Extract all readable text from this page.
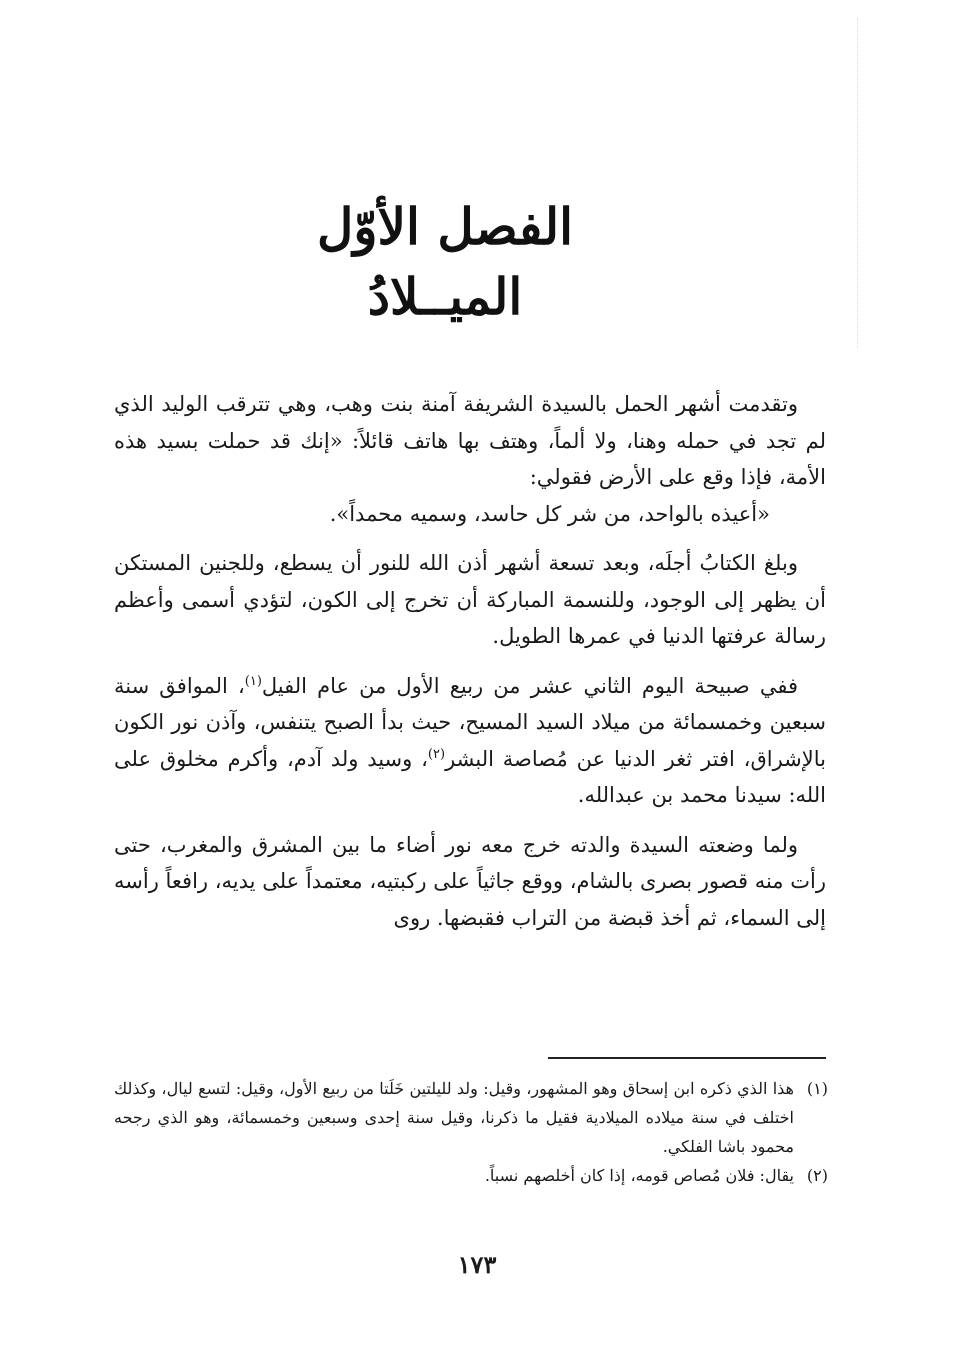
الفصل الأوّل
الميــلادُ

وتقدمت أشهر الحمل بالسيدة الشريفة آمنة بنت وهب، وهي تترقب الوليد الذي لم تجد في حمله وهنا، ولا ألماً، وهتف بها هاتف قائلاً: «إنك قد حملت بسيد هذه الأمة، فإذا وقع على الأرض فقولي:
«أعيذه بالواحد، من شر كل حاسد، وسميه محمداً».

وبلغ الكتابُ أجلَه، وبعد تسعة أشهر أذن الله للنور أن يسطع، وللجنين المستكن أن يظهر إلى الوجود، وللنسمة المباركة أن تخرج إلى الكون، لتؤدي أسمى وأعظم رسالة عرفتها الدنيا في عمرها الطويل.

ففي صبيحة اليوم الثاني عشر من ربيع الأول من عام الفيل$^{(١)}$، الموافق سنة سبعين وخمسمائة من ميلاد السيد المسيح، حيث بدأ الصبح يتنفس، وآذن نور الكون بالإشراق، افتر ثغر الدنيا عن مُصاصة البشر$^{(٢)}$، وسيد ولد آدم، وأكرم مخلوق على الله: سيدنا محمد بن عبدالله.

ولما وضعته السيدة والدته خرج معه نور أضاء ما بين المشرق والمغرب، حتى رأت منه قصور بصرى بالشام، ووقع جاثياً على ركبتيه، معتمداً على يديه، رافعاً رأسه إلى السماء، ثم أخذ قبضة من التراب فقبضها. روى

(١)هذا الذي ذكره ابن إسحاق وهو المشهور، وقيل: ولد لليلتين خَلَتا من ربيع الأول، وقيل: لتسع ليال، وكذلك اختلف في سنة ميلاده الميلادية فقيل ما ذكرنا، وقيل سنة إحدى وسبعين وخمسمائة، وهو الذي رجحه محمود باشا الفلكي.

(٢)يقال: فلان مُصاص قومه، إذا كان أخلصهم نسباً.

١٧٣
